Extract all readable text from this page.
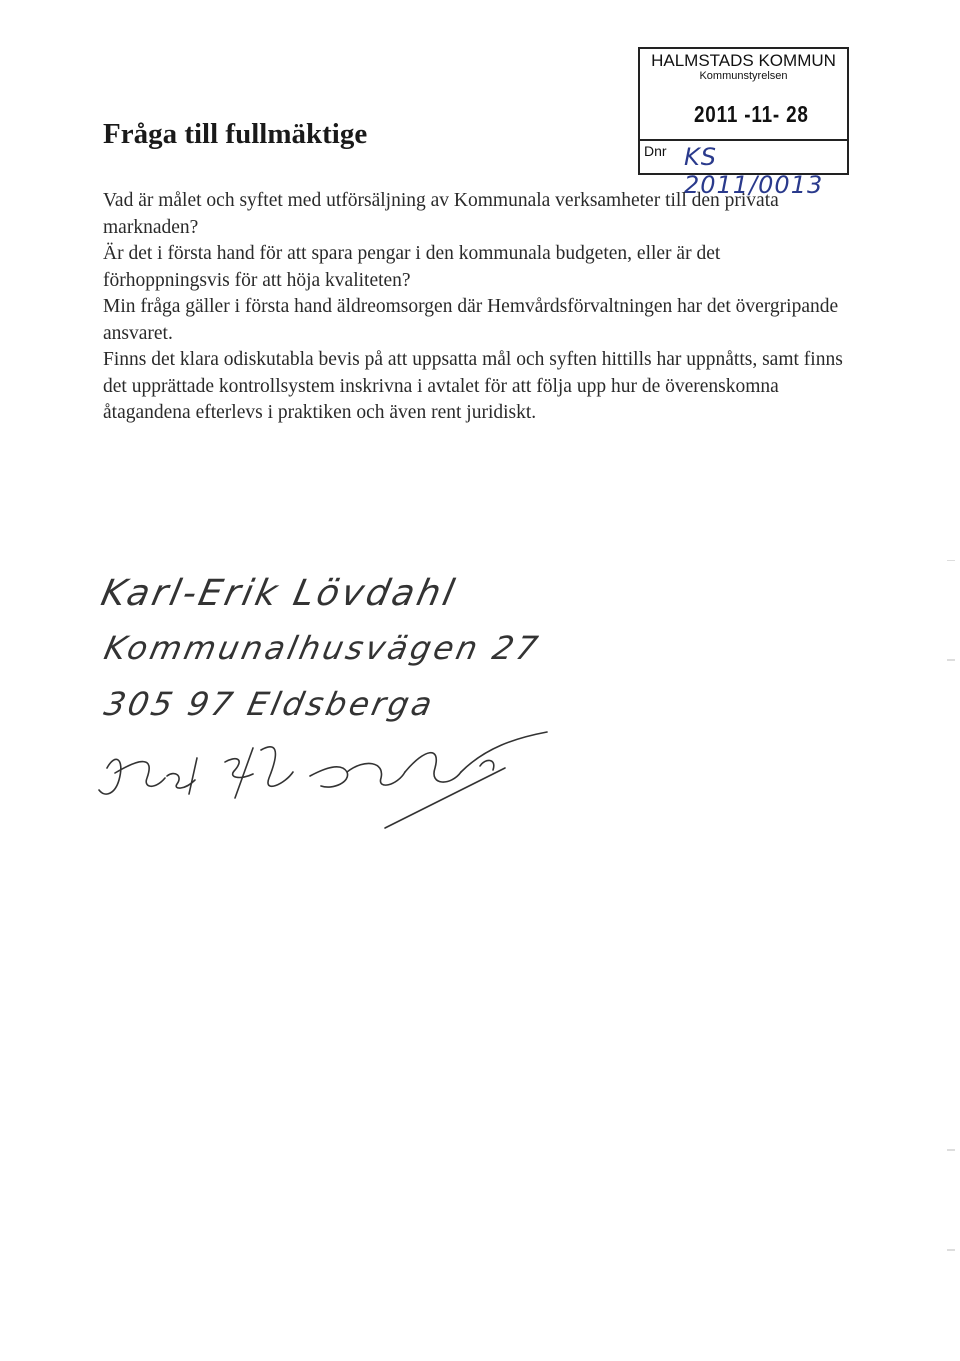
Fråga till fullmäktige
HALMSTADS KOMMUN
Kommunstyrelsen
2011 -11- 28
Dnr KS 2011/0013

Vad är målet och syftet med utförsäljning av Kommunala verksamheter till den privata marknaden?

Är det i första hand för att spara pengar i den kommunala budgeten, eller är det förhoppningsvis för att höja kvaliteten?

Min fråga gäller i första hand äldreomsorgen där Hemvårdsförvaltningen har det övergripande ansvaret.

Finns det klara odiskutabla bevis på att uppsatta mål och syften hittills har uppnåtts, samt finns det upprättade kontrollsystem inskrivna i avtalet för att följa upp hur de överenskomna åtagandena efterlevs i praktiken och även rent juridiskt.

Karl-Erik Lövdahl
Kommunalhusvägen 27
305 97 Eldsberga
